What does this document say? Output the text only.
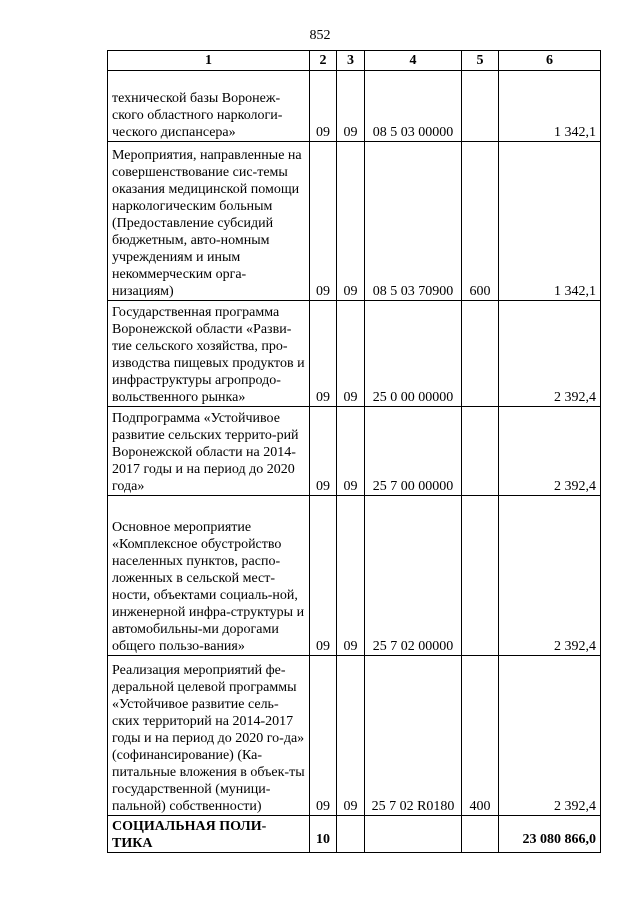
852
1	2	3	4	5	6
технической базы Воронеж-ского областного наркологи-ческого диспансера»	09	09	08 5 03 00000		1 342,1
Мероприятия, направленные на совершенствование сис-темы оказания медицинской помощи наркологическим больным (Предоставление субсидий бюджетным, авто-номным учреждениям и иным некоммерческим орга-низациям)	09	09	08 5 03 70900	600	1 342,1
Государственная программа Воронежской области «Разви-тие сельского хозяйства, про-изводства пищевых продуктов и инфраструктуры агропродо-вольственного рынка»	09	09	25 0 00 00000		2 392,4
Подпрограмма «Устойчивое развитие сельских террито-рий Воронежской области на 2014-2017 годы и на период до 2020 года»	09	09	25 7 00 00000		2 392,4
Основное мероприятие «Комплексное обустройство населенных пунктов, распо-ложенных в сельской мест-ности, объектами социаль-ной, инженерной инфра-структуры и автомобильны-ми дорогами общего пользо-вания»	09	09	25 7 02 00000		2 392,4
Реализация мероприятий фе-деральной целевой программы «Устойчивое развитие сель-ских территорий на 2014-2017 годы и на период до 2020 го-да» (софинансирование) (Ка-питальные вложения в объек-ты государственной (муници-пальной) собственности)	09	09	25 7 02 R0180	400	2 392,4
СОЦИАЛЬНАЯ ПОЛИ-ТИКА	10				23 080 866,0
